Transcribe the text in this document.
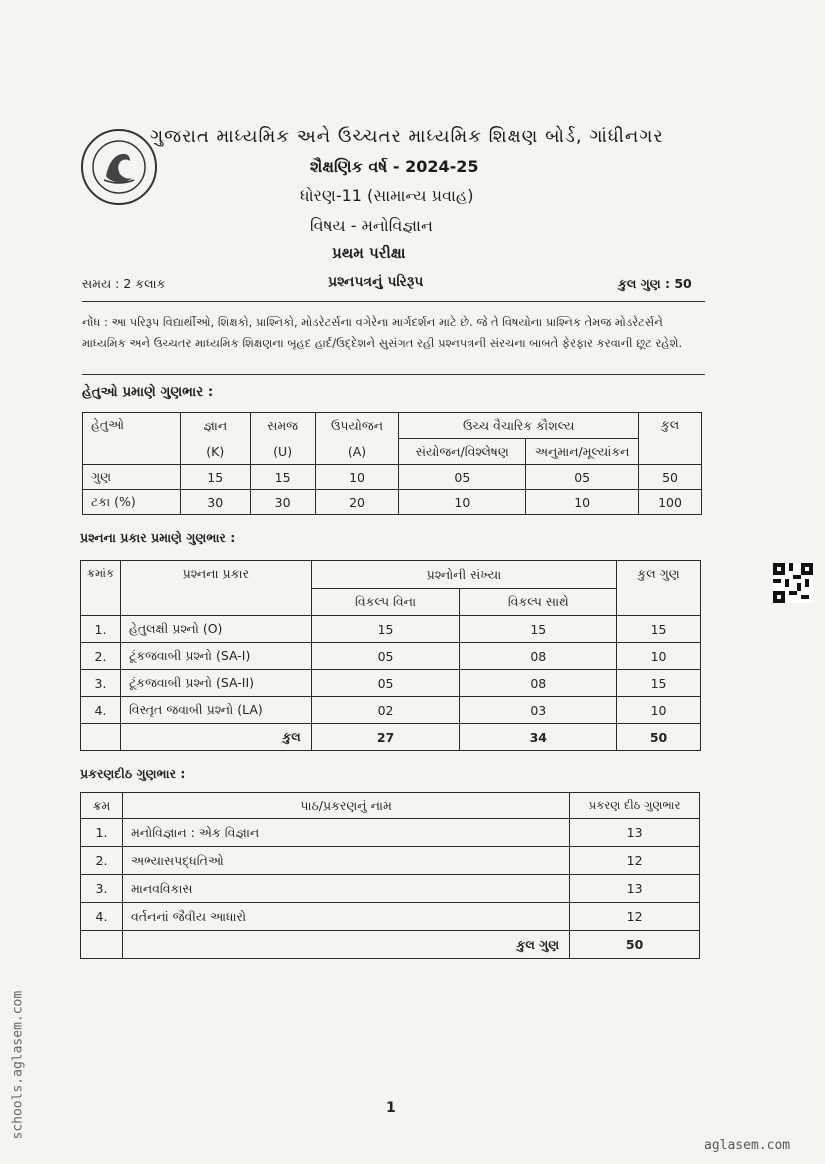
ગુજરાત માધ્યમિક અને ઉચ્ચતર માધ્યમિક શિક્ષણ બોર્ડ, ગાંધીનગર
શૈક્ષણિક વર્ષ - 2024-25
ધોરણ-11 (સામાન્ય પ્રવાહ)
વિષય - મનોવિજ્ઞાન
પ્રથમ પરીક્ષા
સમય : 2 કલાક	પ્રશ્નપત્રનું પરિરૂપ	કુલ ગુણ : 50
નોંધ : આ પરિરૂપ વિદ્યાર્થીઓ, શિક્ષકો, પ્રાશ્નિકો, મોડરેટર્સના વગેરેના માર્ગદર્શન માટે છે. જે તે વિષયોના પ્રાશ્નિક તેમજ મોડરેટર્સને માધ્યમિક અને ઉચ્ચતર માધ્યમિક શિક્ષણના બૃહદ હાર્દ/ઉદ્દેશને સુસંગત રહી પ્રશ્નપત્રની સંરચના બાબતે ફેરફાર કરવાની છૂટ રહેશે.
હેતુઓ પ્રમાણે ગુણભાર :
હેતુઓ	જ્ઞાન	સમજ	ઉપયોજન	ઉચ્ચ વૈચારિક કૌશલ્ય		કુલ
	(K)	(U)	(A)	સંયોજન/વિશ્લેષણ	અનુમાન/મૂલ્યાંકન	
ગુણ	15	15	10	05	05	50
ટકા (%)	30	30	20	10	10	100
પ્રશ્નના પ્રકાર પ્રમાણે ગુણભાર :
ક્રમાંક	પ્રશ્નના પ્રકાર	પ્રશ્નોની સંખ્યા		કુલ ગુણ
		વિકલ્પ વિના	વિકલ્પ સાથે	
1.	હેતુલક્ષી પ્રશ્નો (O)	15	15	15
2.	ટૂંકજવાબી પ્રશ્નો (SA-I)	05	08	10
3.	ટૂંકજવાબી પ્રશ્નો (SA-II)	05	08	15
4.	વિસ્તૃત જવાબી પ્રશ્નો (LA)	02	03	10
	કુલ	27	34	50
પ્રકરણદીઠ ગુણભાર :
ક્રમ	પાઠ/પ્રકરણનું નામ	પ્રકરણ દીઠ ગુણભાર
1.	મનોવિજ્ઞાન : એક વિજ્ઞાન	13
2.	અભ્યાસપદ્ધતિઓ	12
3.	માનવવિકાસ	13
4.	વર્તનનાં જૈવીય આધારો	12
	કુલ ગુણ	50
1
schools.aglasem.com
aglasem.com
